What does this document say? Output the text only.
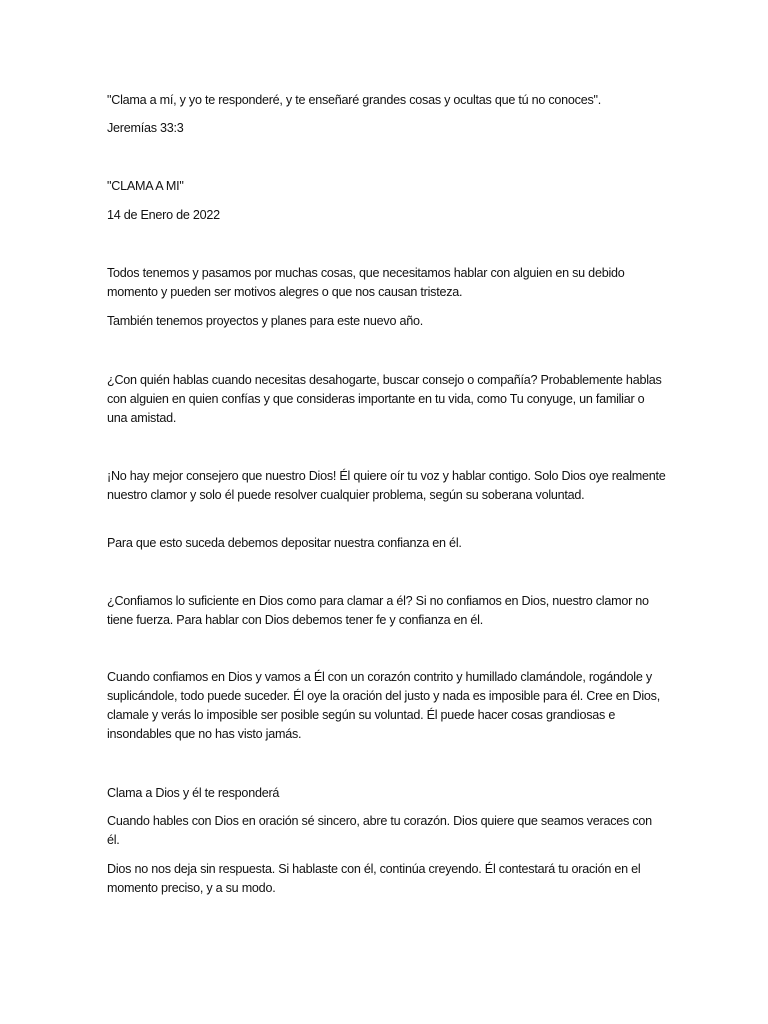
"Clama a mí, y yo te responderé, y te enseñaré grandes cosas y ocultas que tú no conoces".

Jeremías 33:3

"CLAMA A MI"

14 de Enero de 2022

Todos tenemos y pasamos por muchas cosas, que necesitamos hablar con alguien en su debido momento y pueden ser motivos alegres o que nos causan tristeza.

También tenemos proyectos y planes para este nuevo año.

¿Con quién hablas cuando necesitas desahogarte, buscar consejo o compañía? Probablemente hablas con alguien en quien confías y que consideras importante en tu vida, como Tu conyuge, un familiar o una amistad.

¡No hay mejor consejero que nuestro Dios! Él quiere oír tu voz y hablar contigo. Solo Dios oye realmente nuestro clamor y solo él puede resolver cualquier problema, según su soberana voluntad.

Para que esto suceda debemos depositar nuestra confianza en él.

¿Confiamos lo suficiente en Dios como para clamar a él? Si no confiamos en Dios, nuestro clamor no tiene fuerza. Para hablar con Dios debemos tener fe y confianza en él.

Cuando confiamos en Dios y vamos a Él con un corazón contrito y humillado clamándole, rogándole y suplicándole, todo puede suceder. Él oye la oración del justo y nada es imposible para él. Cree en Dios, clamale y verás lo imposible ser posible según su voluntad. Él puede hacer cosas grandiosas e insondables que no has visto jamás.

Clama a Dios y él te responderá

Cuando hables con Dios en oración sé sincero, abre tu corazón. Dios quiere que seamos veraces con él.

Dios no nos deja sin respuesta. Si hablaste con él, continúa creyendo. Él contestará tu oración en el momento preciso, y a su modo.
